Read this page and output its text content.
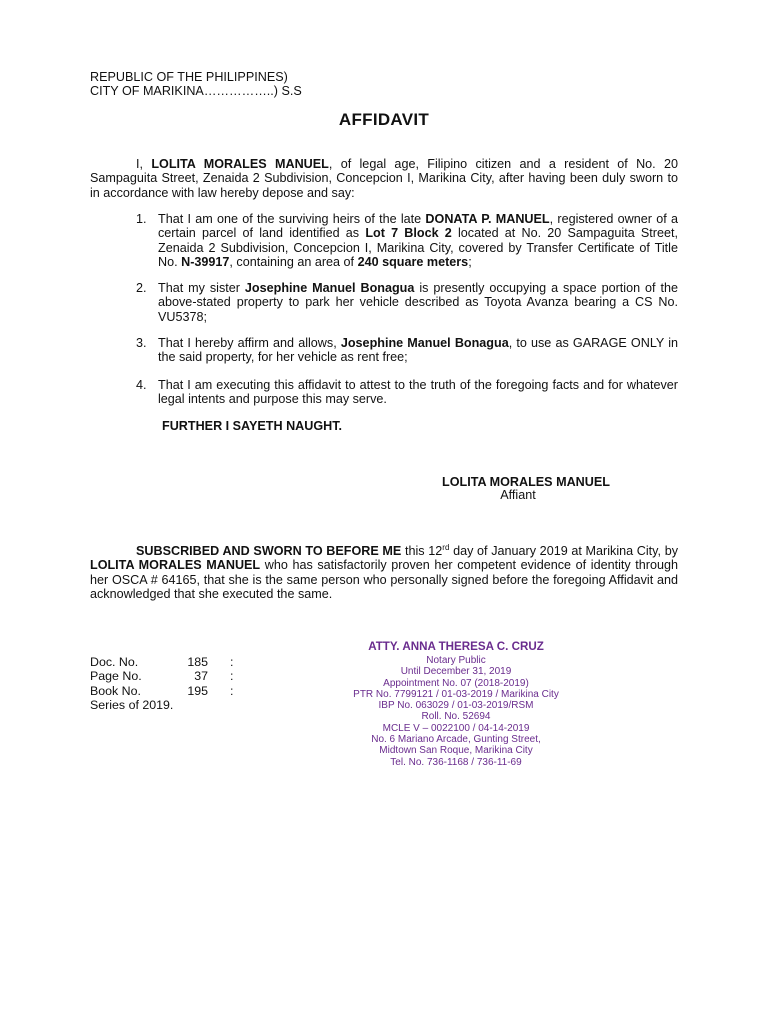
REPUBLIC OF THE PHILIPPINES)
CITY OF MARIKINA……………..) S.S
AFFIDAVIT
I, LOLITA MORALES MANUEL, of legal age, Filipino citizen and a resident of No. 20 Sampaguita Street, Zenaida 2 Subdivision, Concepcion I, Marikina City, after having been duly sworn to in accordance with law hereby depose and say:
1. That I am one of the surviving heirs of the late DONATA P. MANUEL, registered owner of a certain parcel of land identified as Lot 7 Block 2 located at No. 20 Sampaguita Street, Zenaida 2 Subdivision, Concepcion I, Marikina City, covered by Transfer Certificate of Title No. N-39917, containing an area of 240 square meters;
2. That my sister Josephine Manuel Bonagua is presently occupying a space portion of the above-stated property to park her vehicle described as Toyota Avanza bearing a CS No. VU5378;
3. That I hereby affirm and allows, Josephine Manuel Bonagua, to use as GARAGE ONLY in the said property, for her vehicle as rent free;
4. That I am executing this affidavit to attest to the truth of the foregoing facts and for whatever legal intents and purpose this may serve.
FURTHER I SAYETH NAUGHT.
LOLITA MORALES MANUEL
Affiant
SUBSCRIBED AND SWORN TO BEFORE ME this 12rd day of January 2019 at Marikina City, by LOLITA MORALES MANUEL who has satisfactorily proven her competent evidence of identity through her OSCA # 64165, that she is the same person who personally signed before the foregoing Affidavit and acknowledged that she executed the same.
ATTY. ANNA THERESA C. CRUZ
Notary Public
Until December 31, 2019
Appointment No. 07 (2018-2019)
PTR No. 7799121 / 01-03-2019 / Marikina City
IBP No. 063029 / 01-03-2019/RSM
Roll. No. 52694
MCLE V – 0022100 / 04-14-2019
No. 6 Mariano Arcade, Gunting Street,
Midtown San Roque, Marikina City
Tel. No. 736-1168 / 736-11-69
Doc. No.	185 :
Page No.	37 :
Book No.	195 :
Series of 2019.
